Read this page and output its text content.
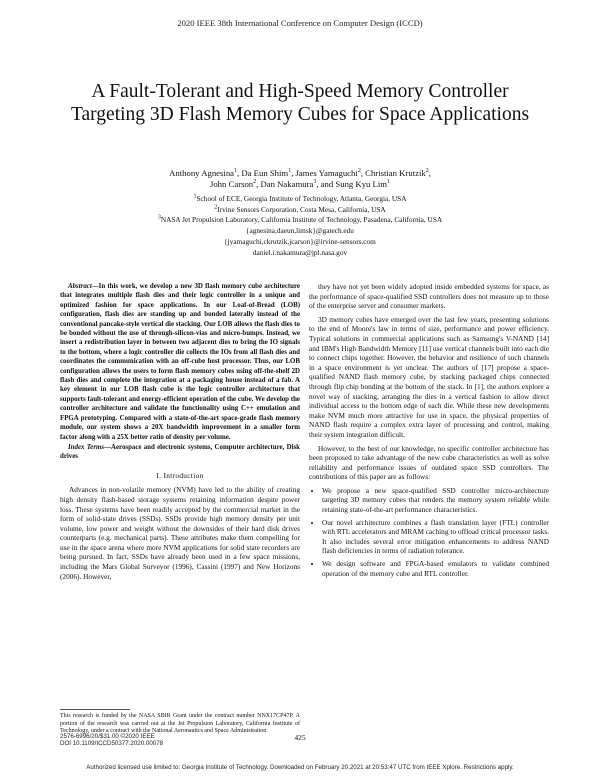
2020 IEEE 38th International Conference on Computer Design (ICCD)
A Fault-Tolerant and High-Speed Memory Controller Targeting 3D Flash Memory Cubes for Space Applications
Anthony Agnesina$^1$, Da Eun Shim$^1$, James Yamaguchi$^2$, Christian Krutzik$^2$,
John Carson$^2$, Dan Nakamura$^3$, and Sung Kyu Lim$^1$
$^1$School of ECE, Georgia Institute of Technology, Atlanta, Georgia, USA
$^2$Irvine Sensors Corporation, Costa Mesa, California, USA
$^3$NASA Jet Propulsion Laboratory, California Institute of Technology, Pasadena, California, USA
{agnesina,daeun,limsk}@gatech.edu
{jyamaguchi,ckrutzik,jcarson}@irvine-sensors.com
daniel.i.nakamura@jpl.nasa.gov
Abstract—In this work, we develop a new 3D flash memory cube architecture that integrates multiple flash dies and their logic controller in a unique and optimized fashion for space applications. In our Loaf-of-Bread (LOB) configuration, flash dies are standing up and bonded laterally instead of the conventional pancake-style vertical die stacking. Our LOB allows the flash dies to be bonded without the use of through-silicon-vias and micro-bumps. Instead, we insert a redistribution layer in between two adjacent dies to bring the IO signals to the bottom, where a logic controller die collects the IOs from all flash dies and coordinates the communication with an off-cube host processor. Thus, our LOB configuration allows the users to form flash memory cubes using off-the-shelf 2D flash dies and complete the integration at a packaging house instead of a fab. A key element in our LOB flash cube is the logic controller architecture that supports fault-tolerant and energy-efficient operation of the cube. We develop the controller architecture and validate the functionality using C++ emulation and FPGA prototyping. Compared with a state-of-the-art space-grade flash memory module, our system shows a 20X bandwidth improvement in a smaller form factor along with a 25X better ratio of density per volume.
Index Terms—Aerospace and electronic systems, Computer architecture, Disk drives
I. Introduction

Advances in non-volatile memory (NVM) have led to the ability of creating high density flash-based storage systems retaining information despite power loss. These systems have been readily accepted by the commercial market in the form of solid-state drives (SSDs). SSDs provide high memory density per unit volume, low power and weight without the downsides of their hard disk drives counterparts (e.g. mechanical parts). These attributes make them compelling for use in the space arena where more NVM applications for solid state recorders are being pursued. In fact, SSDs have already been used in a few space missions, including the Mars Global Surveyor (1996), Cassini (1997) and New Horizons (2006). However,

This research is funded by the NASA SBIR Grant under the contract number NNX17CP47P. A portion of the research was carried out at the Jet Propulsion Laboratory, California Institute of Technology, under a contract with the National Aeronautics and Space Administration.

they have not yet been widely adopted inside embedded systems for space, as the performance of space-qualified SSD controllers does not measure up to those of the enterprise server and consumer markets.

3D memory cubes have emerged over the last few years, presenting solutions to the end of Moore's law in terms of size, performance and power efficiency. Typical solutions in commercial applications such as Samsung's V-NAND [14] and IBM's High Bandwidth Memory [11] use vertical channels built into each die to connect chips together. However, the behavior and resilience of such channels in a space environment is yet unclear. The authors of [17] propose a space-qualified NAND flash memory cube, by stacking packaged chips connected through flip chip bonding at the bottom of the stack. In [1], the authors explore a novel way of stacking, arranging the dies in a vertical fashion to allow direct individual access to the bottom edge of each die. While these new developments make NVM much more attractive for use in space, the physical properties of NAND flash require a complex extra layer of processing and control, making their system integration difficult.

However, to the best of our knowledge, no specific controller architecture has been proposed to take advantage of the new cube characteristics as well as solve reliability and performance issues of outdated space SSD controllers. The contributions of this paper are as follows:

• We propose a new space-qualified SSD controller micro-architecture targeting 3D memory cubes that renders the memory system reliable while retaining state-of-the-art performance characteristics.
• Our novel architecture combines a flash translation layer (FTL) controller with RTL accelerators and MRAM caching to offload critical processor tasks. It also includes several error mitigation enhancements to address NAND flash deficiencies in terms of radiation tolerance.
• We design software and FPGA-based emulators to validate combined operation of the memory cube and RTL controller.
2576-6996/20/$31.00 ©2020 IEEE
DOI 10.1109/ICCD50377.2020.00078
425
Authorized licensed use limited to: Georgia Institute of Technology. Downloaded on February 20,2021 at 20:53:47 UTC from IEEE Xplore. Restrictions apply.
